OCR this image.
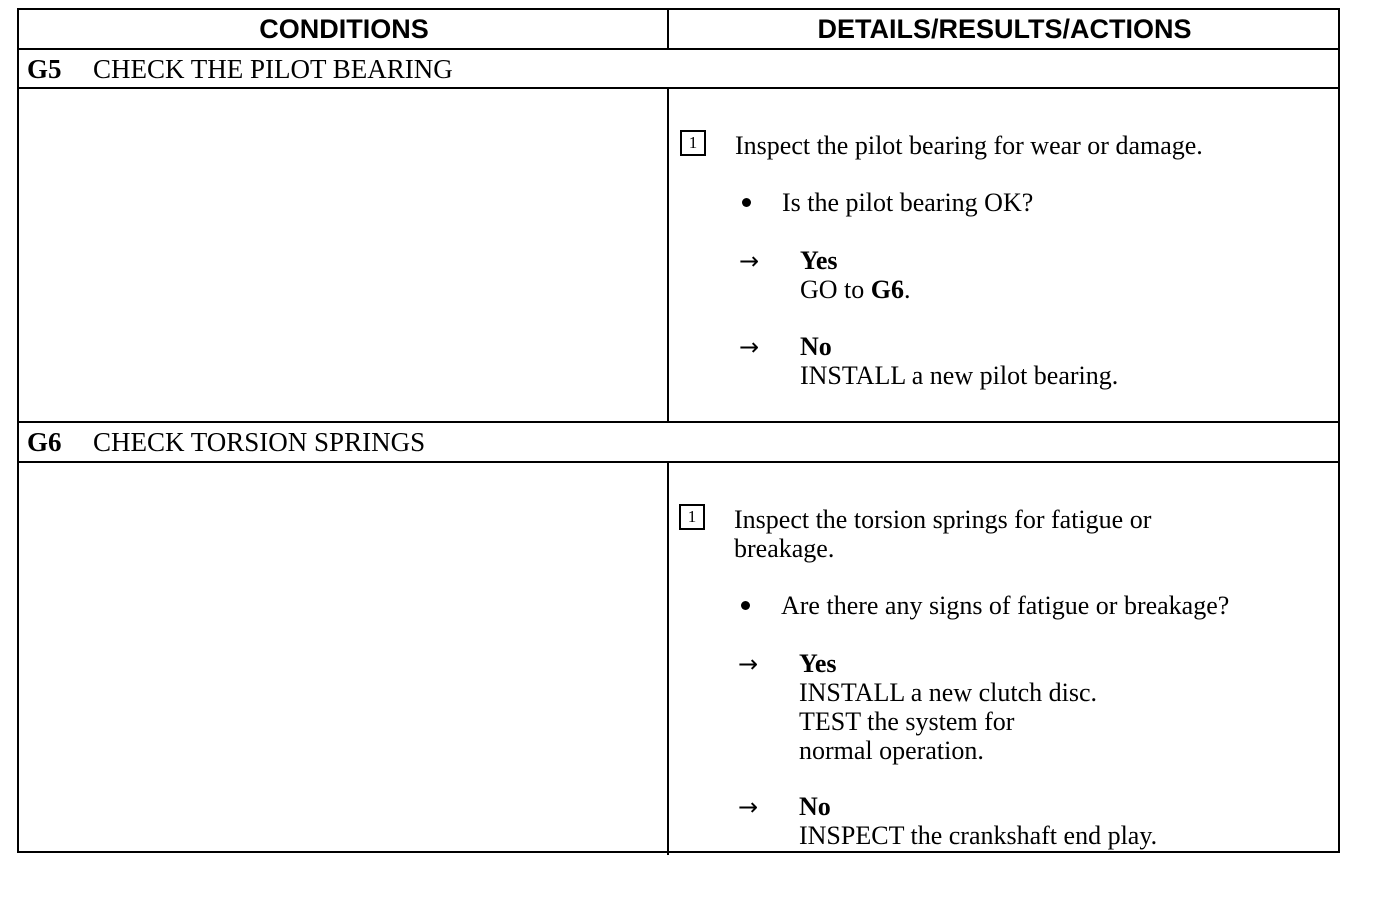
CONDITIONS	DETAILS/RESULTS/ACTIONS
G5 CHECK THE PILOT BEARING
1	Inspect the pilot bearing for wear or damage.
Is the pilot bearing OK?
→ Yes
GO to G6.
→ No
INSTALL a new pilot bearing.
G6 CHECK TORSION SPRINGS
1	Inspect the torsion springs for fatigue or
breakage.
Are there any signs of fatigue or breakage?
→ Yes
INSTALL a new clutch disc.
TEST the system for
normal operation.
→ No
INSPECT the crankshaft end play.
